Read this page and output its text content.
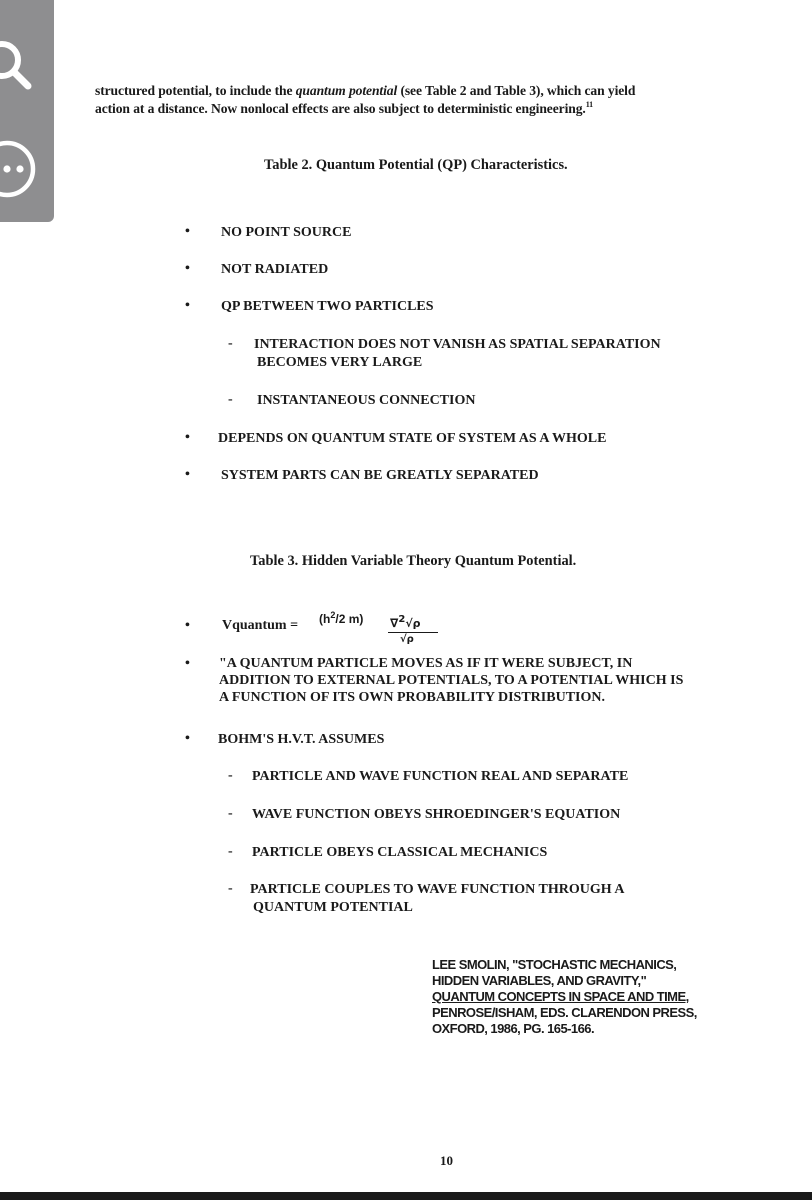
structured potential, to include the quantum potential (see Table 2 and Table 3), which can yield
action at a distance. Now nonlocal effects are also subject to deterministic engineering.$^{11}$
Table 2. Quantum Potential (QP) Characteristics.
• NO POINT SOURCE
• NOT RADIATED
• QP BETWEEN TWO PARTICLES
- INTERACTION DOES NOT VANISH AS SPATIAL SEPARATION
BECOMES VERY LARGE
- INSTANTANEOUS CONNECTION
• DEPENDS ON QUANTUM STATE OF SYSTEM AS A WHOLE
• SYSTEM PARTS CAN BE GREATLY SEPARATED
Table 3. Hidden Variable Theory Quantum Potential.
• Vquantum = ($h^2/2$ m) ∇$^2$√ρ
√ρ
• "A QUANTUM PARTICLE MOVES AS IF IT WERE SUBJECT, IN
ADDITION TO EXTERNAL POTENTIALS, TO A POTENTIAL WHICH IS
A FUNCTION OF ITS OWN PROBABILITY DISTRIBUTION.
• BOHM'S H.V.T. ASSUMES
- PARTICLE AND WAVE FUNCTION REAL AND SEPARATE
- WAVE FUNCTION OBEYS SHROEDINGER'S EQUATION
- PARTICLE OBEYS CLASSICAL MECHANICS
- PARTICLE COUPLES TO WAVE FUNCTION THROUGH A
QUANTUM POTENTIAL
LEE SMOLIN, "STOCHASTIC MECHANICS,
HIDDEN VARIABLES, AND GRAVITY,"
QUANTUM CONCEPTS IN SPACE AND TIME,
PENROSE/ISHAM, EDS. CLARENDON PRESS,
OXFORD, 1986, PG. 165-166.
10
